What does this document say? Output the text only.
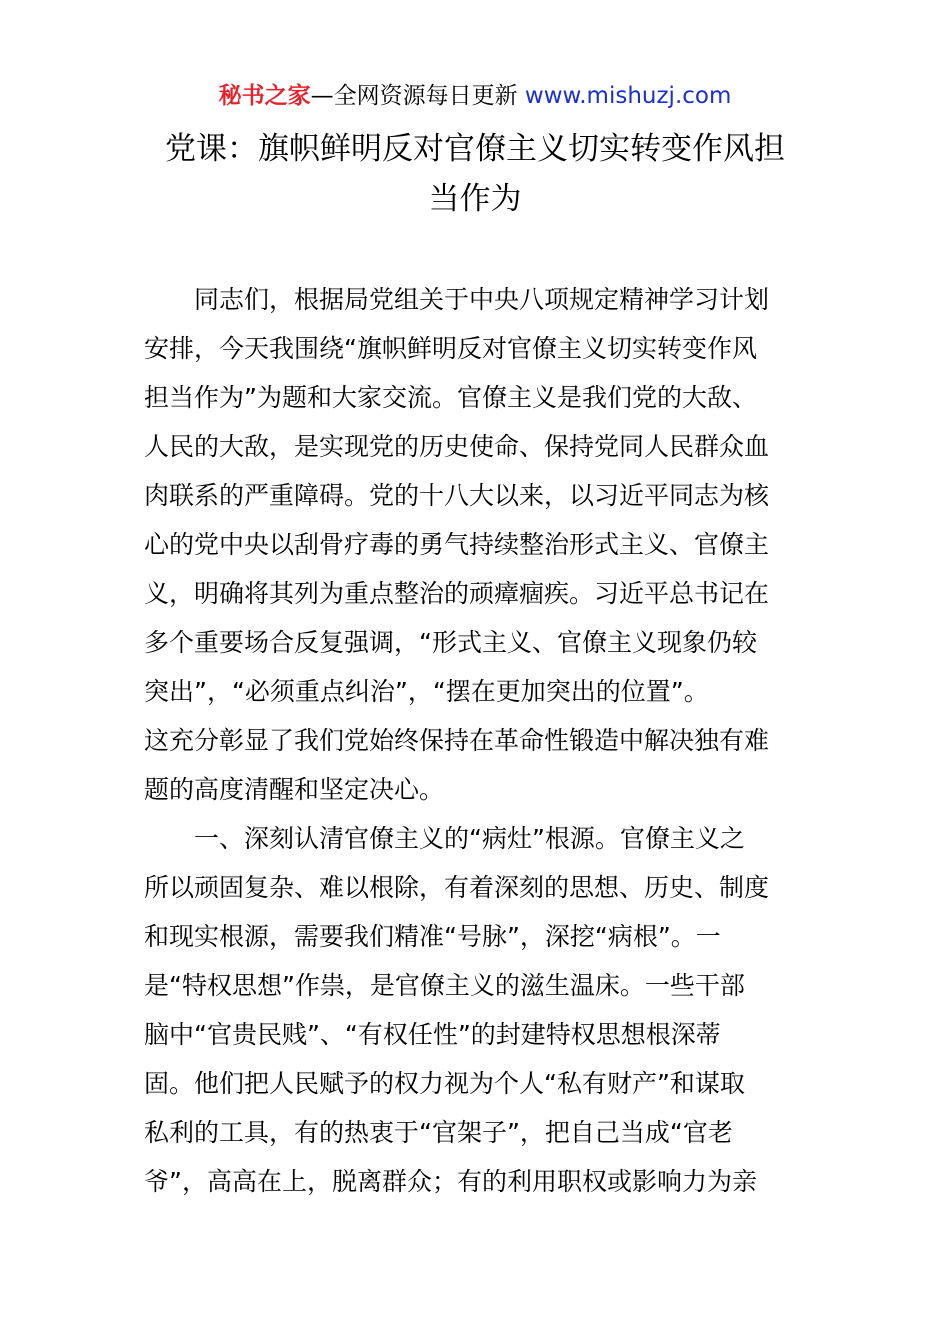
秘书之家—全网资源每日更新 www.mishuzj.com
党课：旗帜鲜明反对官僚主义切实转变作风担
当作为
同志们，根据局党组关于中央八项规定精神学习计划
安排，今天我围绕“旗帜鲜明反对官僚主义切实转变作风
担当作为”为题和大家交流。官僚主义是我们党的大敌、
人民的大敌，是实现党的历史使命、保持党同人民群众血
肉联系的严重障碍。党的十八大以来，以习近平同志为核
心的党中央以刮骨疗毒的勇气持续整治形式主义、官僚主
义，明确将其列为重点整治的顽瘴痼疾。习近平总书记在
多个重要场合反复强调，“形式主义、官僚主义现象仍较
突出”，“必须重点纠治”，“摆在更加突出的位置”。
这充分彰显了我们党始终保持在革命性锻造中解决独有难
题的高度清醒和坚定决心。
一、深刻认清官僚主义的“病灶”根源。官僚主义之
所以顽固复杂、难以根除，有着深刻的思想、历史、制度
和现实根源，需要我们精准“号脉”，深挖“病根”。一
是“特权思想”作祟，是官僚主义的滋生温床。一些干部
脑中“官贵民贱”、“有权任性”的封建特权思想根深蒂
固。他们把人民赋予的权力视为个人“私有财产”和谋取
私利的工具，有的热衷于“官架子”，把自己当成“官老
爷”，高高在上，脱离群众；有的利用职权或影响力为亲
